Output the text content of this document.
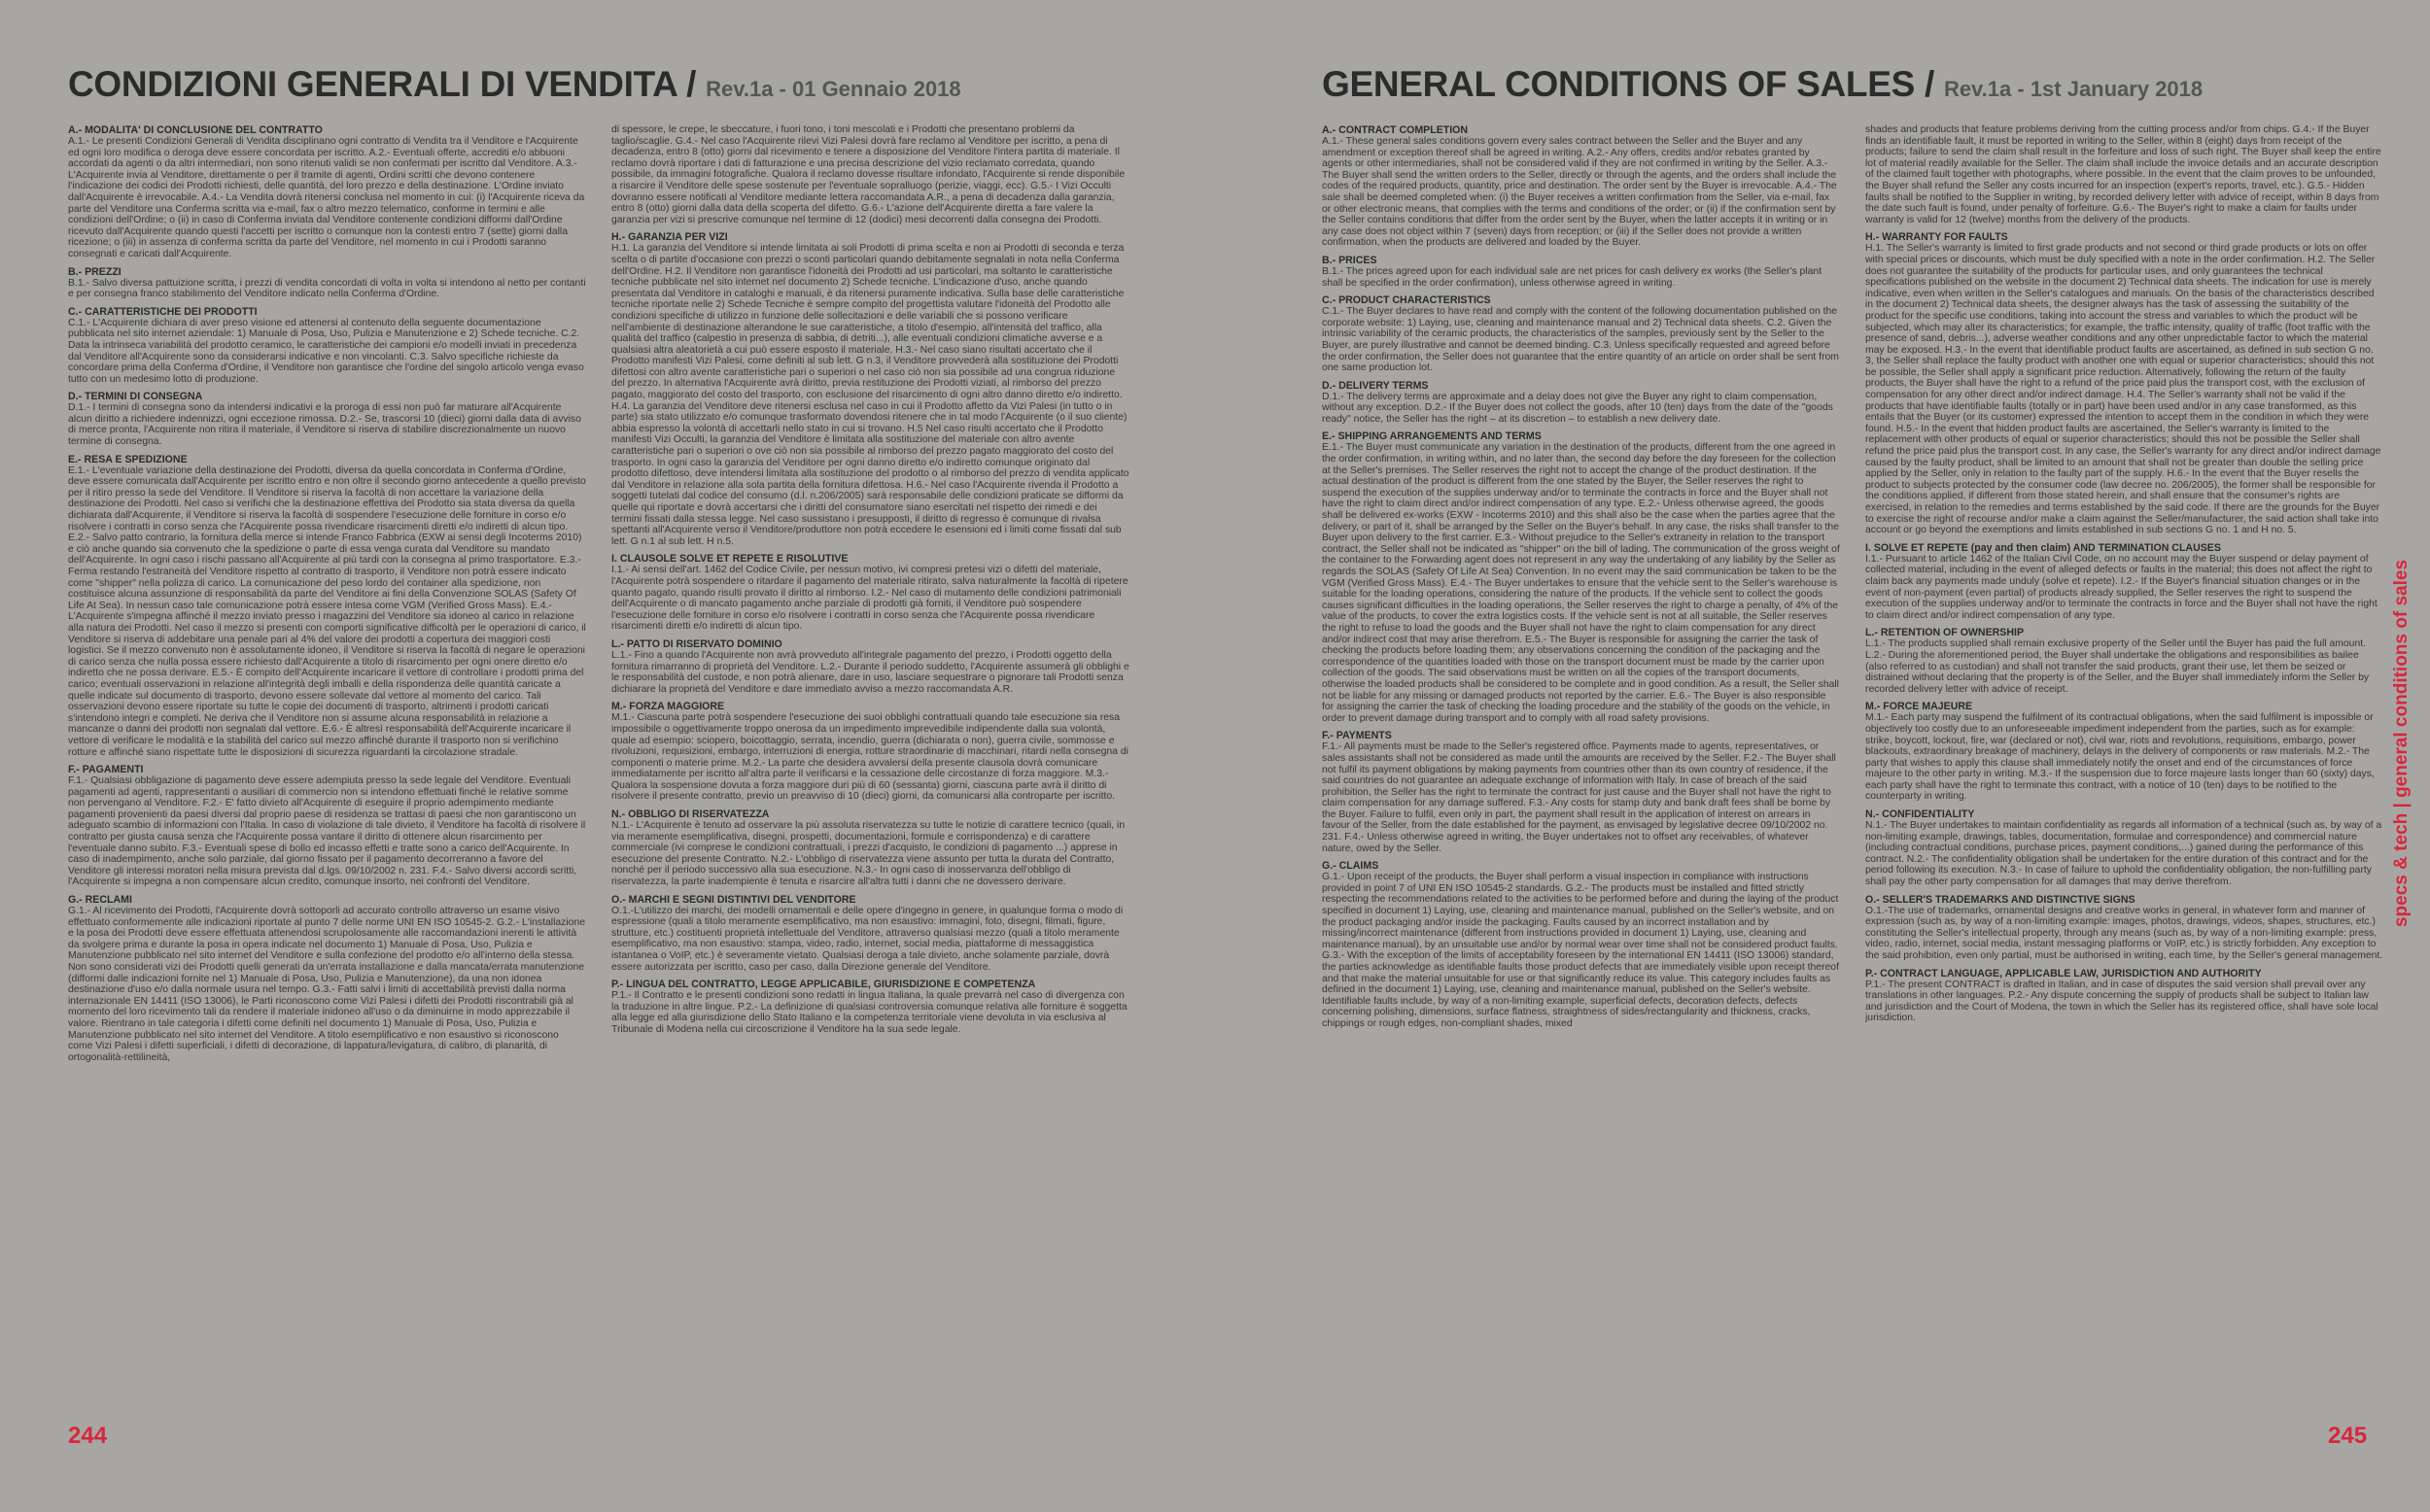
CONDIZIONI GENERALI DI VENDITA / Rev.1a - 01 Gennaio 2018
A.- MODALITA' DI CONCLUSIONE DEL CONTRATTO

A.1.- Le presenti Condizioni Generali di Vendita disciplinano ogni contratto di Vendita tra il Venditore e l'Acquirente ed ogni loro modifica o deroga deve essere concordata per iscritto. A.2.- Eventuali offerte, accrediti e/o abbuoni accordati da agenti o da altri intermediari, non sono ritenuti validi se non confermati per iscritto dal Venditore. A.3.- L'Acquirente invia al Venditore, direttamente o per il tramite di agenti, Ordini scritti che devono contenere l'indicazione dei codici dei Prodotti richiesti, delle quantità, del loro prezzo e della destinazione. L'Ordine inviato dall'Acquirente è irrevocabile. A.4.- La Vendita dovrà ritenersi conclusa nel momento in cui: (i) l'Acquirente riceva da parte del Venditore una Conferma scritta via e-mail, fax o altro mezzo telematico, conforme in termini e alle condizioni dell'Ordine; o (ii) in caso di Conferma inviata dal Venditore contenente condizioni difformi dall'Ordine ricevuto dall'Acquirente quando questi l'accetti per iscritto o comunque non la contesti entro 7 (sette) giorni dalla ricezione; o (iii) in assenza di conferma scritta da parte del Venditore, nel momento in cui i Prodotti saranno consegnati e caricati dall'Acquirente.

B.- PREZZI

B.1.- Salvo diversa pattuizione scritta, i prezzi di vendita concordati di volta in volta si intendono al netto per contanti e per consegna franco stabilimento del Venditore indicato nella Conferma d'Ordine.

C.- CARATTERISTICHE DEI PRODOTTI

C.1.- L'Acquirente dichiara di aver preso visione ed attenersi al contenuto della seguente documentazione pubblicata nel sito internet aziendale: 1) Manuale di Posa, Uso, Pulizia e Manutenzione e 2) Schede tecniche. C.2. Data la intrinseca variabilità del prodotto ceramico, le caratteristiche dei campioni e/o modelli inviati in precedenza dal Venditore all'Acquirente sono da considerarsi indicative e non vincolanti. C.3. Salvo specifiche richieste da concordare prima della Conferma d'Ordine, il Venditore non garantisce che l'ordine del singolo articolo venga evaso tutto con un medesimo lotto di produzione.

D.- TERMINI DI CONSEGNA

D.1.- I termini di consegna sono da intendersi indicativi e la proroga di essi non può far maturare all'Acquirente alcun diritto a richiedere indennizzi, ogni eccezione rimossa. D.2.- Se, trascorsi 10 (dieci) giorni dalla data di avviso di merce pronta, l'Acquirente non ritira il materiale, il Venditore si riserva di stabilire discrezionalmente un nuovo termine di consegna.

E.- RESA E SPEDIZIONE

E.1.- L'eventuale variazione della destinazione dei Prodotti, diversa da quella concordata in Conferma d'Ordine, deve essere comunicata dall'Acquirente per iscritto entro e non oltre il secondo giorno antecedente a quello previsto per il ritiro presso la sede del Venditore. Il Venditore si riserva la facoltà di non accettare la variazione della destinazione dei Prodotti. Nel caso si verifichi che la destinazione effettiva del Prodotto sia stata diversa da quella dichiarata dall'Acquirente, il Venditore si riserva la facoltà di sospendere l'esecuzione delle forniture in corso e/o risolvere i contratti in corso senza che l'Acquirente possa rivendicare risarcimenti diretti e/o indiretti di alcun tipo. E.2.- Salvo patto contrario, la fornitura della merce si intende Franco Fabbrica (EXW ai sensi degli Incoterms 2010) e ciò anche quando sia convenuto che la spedizione o parte di essa venga curata dal Venditore su mandato dell'Acquirente. In ogni caso i rischi passano all'Acquirente al più tardi con la consegna al primo trasportatore. E.3.- Ferma restando l'estraneità del Venditore rispetto al contratto di trasporto, il Venditore non potrà essere indicato come "shipper" nella polizza di carico. La comunicazione del peso lordo del container alla spedizione, non costituisce alcuna assunzione di responsabilità da parte del Venditore ai fini della Convenzione SOLAS (Safety Of Life At Sea). In nessun caso tale comunicazione potrà essere intesa come VGM (Verified Gross Mass). E.4.- L'Acquirente s'impegna affinché il mezzo inviato presso i magazzini del Venditore sia idoneo al carico in relazione alla natura dei Prodotti. Nel caso il mezzo si presenti con comporti significative difficoltà per le operazioni di carico, il Venditore si riserva di addebitare una penale pari al 4% del valore dei prodotti a copertura dei maggiori costi logistici. Se il mezzo convenuto non è assolutamente idoneo, il Venditore si riserva la facoltà di negare le operazioni di carico senza che nulla possa essere richiesto dall'Acquirente a titolo di risarcimento per ogni onere diretto e/o indiretto che ne possa derivare. E.5.- È compito dell'Acquirente incaricare il vettore di controllare i prodotti prima del carico; eventuali osservazioni in relazione all'integrità degli imballi e della rispondenza delle quantità caricate a quelle indicate sul documento di trasporto, devono essere sollevate dal vettore al momento del carico. Tali osservazioni devono essere riportate su tutte le copie dei documenti di trasporto, altrimenti i prodotti caricati s'intendono integri e completi. Ne deriva che il Venditore non si assume alcuna responsabilità in relazione a mancanze o danni dei prodotti non segnalati dal vettore. E.6.- È altresì responsabilità dell'Acquirente incaricare il vettore di verificare le modalità e la stabilità del carico sul mezzo affinché durante il trasporto non si verifichino rotture e affinché siano rispettate tutte le disposizioni di sicurezza riguardanti la circolazione stradale.

F.- PAGAMENTI

F.1.- Qualsiasi obbligazione di pagamento deve essere adempiuta presso la sede legale del Venditore. Eventuali pagamenti ad agenti, rappresentanti o ausiliari di commercio non si intendono effettuati finché le relative somme non pervengano al Venditore. F.2.- E' fatto divieto all'Acquirente di eseguire il proprio adempimento mediante pagamenti provenienti da paesi diversi dal proprio paese di residenza se trattasi di paesi che non garantiscono un adeguato scambio di informazioni con l'Italia. In caso di violazione di tale divieto, il Venditore ha facoltà di risolvere il contratto per giusta causa senza che l'Acquirente possa vantare il diritto di ottenere alcun risarcimento per l'eventuale danno subito. F.3.- Eventuali spese di bollo ed incasso effetti e tratte sono a carico dell'Acquirente. In caso di inadempimento, anche solo parziale, dal giorno fissato per il pagamento decorreranno a favore del Venditore gli interessi moratori nella misura prevista dal d.lgs. 09/10/2002 n. 231. F.4.- Salvo diversi accordi scritti, l'Acquirente si impegna a non compensare alcun credito, comunque insorto, nei confronti del Venditore.

G.- RECLAMI

G.1.- Al ricevimento dei Prodotti, l'Acquirente dovrà sottoporli ad accurato controllo attraverso un esame visivo effettuato conformemente alle indicazioni riportate al punto 7 delle norme UNI EN ISO 10545-2. G.2.- L'installazione e la posa dei Prodotti deve essere effettuata attenendosi scrupolosamente alle raccomandazioni inerenti le attività da svolgere prima e durante la posa in opera indicate nel documento 1) Manuale di Posa, Uso, Pulizia e Manutenzione pubblicato nel sito internet del Venditore e sulla confezione del prodotto e/o all'interno della stessa. Non sono considerati vizi dei Prodotti quelli generati da un'errata installazione e dalla mancata/errata manutenzione (difformi dalle indicazioni fornite nel 1) Manuale di Posa, Uso, Pulizia e Manutenzione), da una non idonea destinazione d'uso e/o dalla normale usura nel tempo. G.3.- Fatti salvi i limiti di accettabilità previsti dalla norma internazionale EN 14411 (ISO 13006), le Parti riconoscono come Vizi Palesi i difetti dei Prodotti riscontrabili già al momento del loro ricevimento tali da rendere il materiale inidoneo all'uso o da diminuirne in modo apprezzabile il valore. Rientrano in tale categoria i difetti come definiti nel documento 1) Manuale di Posa, Uso, Pulizia e Manutenzione pubblicato nel sito internet del Venditore. A titolo esemplificativo e non esaustivo si riconoscono come Vizi Palesi i difetti superficiali, i difetti di decorazione, di lappatura/levigatura, di calibro, di planarità, di ortogonalità-rettilineità,

di spessore, le crepe, le sbeccature, i fuori tono, i toni mescolati e i Prodotti che presentano problemi da taglio/scaglie. G.4.- Nel caso l'Acquirente rilevi Vizi Palesi dovrà fare reclamo al Venditore per iscritto, a pena di decadenza, entro 8 (otto) giorni dal ricevimento e tenere a disposizione del Venditore l'intera partita di materiale. Il reclamo dovrà riportare i dati di fatturazione e una precisa descrizione del vizio reclamato corredata, quando possibile, da immagini fotografiche. Qualora il reclamo dovesse risultare infondato, l'Acquirente si rende disponibile a risarcire il Venditore delle spese sostenute per l'eventuale sopralluogo (perizie, viaggi, ecc). G.5.- I Vizi Occulti dovranno essere notificati al Venditore mediante lettera raccomandata A.R., a pena di decadenza dalla garanzia, entro 8 (otto) giorni dalla data della scoperta del difetto. G.6.- L'azione dell'Acquirente diretta a fare valere la garanzia per vizi si prescrive comunque nel termine di 12 (dodici) mesi decorrenti dalla consegna dei Prodotti.

H.- GARANZIA PER VIZI

H.1. La garanzia del Venditore si intende limitata ai soli Prodotti di prima scelta e non ai Prodotti di seconda e terza scelta o di partite d'occasione con prezzi o sconti particolari quando debitamente segnalati in nota nella Conferma dell'Ordine. H.2. Il Venditore non garantisce l'idoneità dei Prodotti ad usi particolari, ma soltanto le caratteristiche tecniche pubblicate nel sito internet nel documento 2) Schede tecniche. L'indicazione d'uso, anche quando presentata dal Venditore in cataloghi e manuali, è da ritenersi puramente indicativa. Sulla base delle caratteristiche tecniche riportate nelle 2) Schede Tecniche è sempre compito del progettista valutare l'idoneità del Prodotto alle condizioni specifiche di utilizzo in funzione delle sollecitazioni e delle variabili che si possono verificare nell'ambiente di destinazione alterandone le sue caratteristiche, a titolo d'esempio, all'intensità del traffico, alla qualità del traffico (calpestio in presenza di sabbia, di detriti...), alle eventuali condizioni climatiche avverse e a qualsiasi altra aleatorietà a cui può essere esposto il materiale. H.3.- Nel caso siano risultati accertato che il Prodotto manifesti Vizi Palesi, come definiti al sub lett. G n.3, il Venditore provvederà alla sostituzione dei Prodotti difettosi con altro avente caratteristiche pari o superiori o nel caso ciò non sia possibile ad una congrua riduzione del prezzo. In alternativa l'Acquirente avrà diritto, previa restituzione dei Prodotti viziati, al rimborso del prezzo pagato, maggiorato del costo del trasporto, con esclusione del risarcimento di ogni altro danno diretto e/o indiretto. H.4. La garanzia del Venditore deve ritenersi esclusa nel caso in cui il Prodotto affetto da Vizi Palesi (in tutto o in parte) sia stato utilizzato e/o comunque trasformato dovendosi ritenere che in tal modo l'Acquirente (o il suo cliente) abbia espresso la volontà di accettarli nello stato in cui si trovano. H.5 Nel caso risulti accertato che il Prodotto manifesti Vizi Occulti, la garanzia del Venditore è limitata alla sostituzione del materiale con altro avente caratteristiche pari o superiori o ove ciò non sia possibile al rimborso del prezzo pagato maggiorato del costo del trasporto. In ogni caso la garanzia del Venditore per ogni danno diretto e/o indiretto comunque originato dal prodotto difettoso, deve intendersi limitata alla sostituzione del prodotto o al rimborso del prezzo di vendita applicato dal Venditore in relazione alla sola partita della fornitura difettosa. H.6.- Nel caso l'Acquirente rivenda il Prodotto a soggetti tutelati dal codice del consumo (d.l. n.206/2005) sarà responsabile delle condizioni praticate se difformi da quelle qui riportate e dovrà accertarsi che i diritti del consumatore siano esercitati nel rispetto dei rimedi e dei termini fissati dalla stessa legge. Nel caso sussistano i presupposti, il diritto di regresso è comunque di rivalsa spettanti all'Acquirente verso il Venditore/produttore non potrà eccedere le esensioni ed i limiti come fissati dal sub lett. G n.1 al sub lett. H n.5.

I. CLAUSOLE SOLVE ET REPETE E RISOLUTIVE

I.1.- Ai sensi dell'art. 1462 del Codice Civile, per nessun motivo, ivi compresi pretesi vizi o difetti del materiale, l'Acquirente potrà sospendere o ritardare il pagamento del materiale ritirato, salva naturalmente la facoltà di ripetere quanto pagato, quando risulti provato il diritto al rimborso. I.2.- Nel caso di mutamento delle condizioni patrimoniali dell'Acquirente o di mancato pagamento anche parziale di prodotti già forniti, il Venditore può sospendere l'esecuzione delle forniture in corso e/o risolvere i contratti in corso senza che l'Acquirente possa rivendicare risarcimenti diretti e/o indiretti di alcun tipo.

L.- PATTO DI RISERVATO DOMINIO

L.1.- Fino a quando l'Acquirente non avrà provveduto all'integrale pagamento del prezzo, i Prodotti oggetto della fornitura rimarranno di proprietà del Venditore. L.2.- Durante il periodo suddetto, l'Acquirente assumerà gli obblighi e le responsabilità del custode, e non potrà alienare, dare in uso, lasciare sequestrare o pignorare tali Prodotti senza dichiarare la proprietà del Venditore e dare immediato avviso a mezzo raccomandata A.R.

M.- FORZA MAGGIORE

M.1.- Ciascuna parte potrà sospendere l'esecuzione dei suoi obblighi contrattuali quando tale esecuzione sia resa impossibile o oggettivamente troppo onerosa da un impedimento imprevedibile indipendente dalla sua volontà, quale ad esempio: sciopero, boicottaggio, serrata, incendio, guerra (dichiarata o non), guerra civile, sommosse e rivoluzioni, requisizioni, embargo, interruzioni di energia, rotture straordinarie di macchinari, ritardi nella consegna di componenti o materie prime. M.2.- La parte che desidera avvalersi della presente clausola dovrà comunicare immediatamente per iscritto all'altra parte il verificarsi e la cessazione delle circostanze di forza maggiore. M.3.- Qualora la sospensione dovuta a forza maggiore duri più di 60 (sessanta) giorni, ciascuna parte avrà il diritto di risolvere il presente contratto, previo un preavviso di 10 (dieci) giorni, da comunicarsi alla controparte per iscritto.

N.- OBBLIGO DI RISERVATEZZA

N.1.- L'Acquirente è tenuto ad osservare la più assoluta riservatezza su tutte le notizie di carattere tecnico (quali, in via meramente esemplificativa, disegni, prospetti, documentazioni, formule e corrispondenza) e di carattere commerciale (ivi comprese le condizioni contrattuali, i prezzi d'acquisto, le condizioni di pagamento ...) apprese in esecuzione del presente Contratto. N.2.- L'obbligo di riservatezza viene assunto per tutta la durata del Contratto, nonché per il periodo successivo alla sua esecuzione. N.3.- In ogni caso di inosservanza dell'obbligo di riservatezza, la parte inadempiente è tenuta e risarcire all'altra tutti i danni che ne dovessero derivare.

O.- MARCHI E SEGNI DISTINTIVI DEL VENDITORE

O.1.-L'utilizzo dei marchi, dei modelli ornamentali e delle opere d'ingegno in genere, in qualunque forma o modo di espressione (quali a titolo meramente esemplificativo, ma non esaustivo: immagini, foto, disegni, filmati, figure, strutture, etc.) costituenti proprietà intellettuale del Venditore, attraverso qualsiasi mezzo (quali a titolo meramente esemplificativo, ma non esaustivo: stampa, video, radio, internet, social media, piattaforme di messaggistica istantanea o VoIP, etc.) è severamente vietato. Qualsiasi deroga a tale divieto, anche solamente parziale, dovrà essere autorizzata per iscritto, caso per caso, dalla Direzione generale del Venditore.

P.- LINGUA DEL CONTRATTO, LEGGE APPLICABILE, GIURISDIZIONE E COMPETENZA

P.1.- Il Contratto e le presenti condizioni sono redatti in lingua Italiana, la quale prevarrà nel caso di divergenza con la traduzione in altre lingue. P.2.- La definizione di qualsiasi controversia comunque relativa alle forniture è soggetta alla legge ed alla giurisdizione dello Stato Italiano e la competenza territoriale viene devoluta in via esclusiva al Tribunale di Modena nella cui circoscrizione il Venditore ha la sua sede legale.

244
GENERAL CONDITIONS OF SALES / Rev.1a - 1st January 2018
A.- CONTRACT COMPLETION

A.1.- These general sales conditions govern every sales contract between the Seller and the Buyer and any amendment or exception thereof shall be agreed in writing. A.2.- Any offers, credits and/or rebates granted by agents or other intermediaries, shall not be considered valid if they are not confirmed in writing by the Seller. A.3.- The Buyer shall send the written orders to the Seller, directly or through the agents, and the orders shall include the codes of the required products, quantity, price and destination. The order sent by the Buyer is irrevocable. A.4.- The sale shall be deemed completed when: (i) the Buyer receives a written confirmation from the Seller, via e-mail, fax or other electronic means, that complies with the terms and conditions of the order; or (ii) if the confirmation sent by the Seller contains conditions that differ from the order sent by the Buyer, when the latter accepts it in writing or in any case does not object within 7 (seven) days from reception; or (iii) if the Seller does not provide a written confirmation, when the products are delivered and loaded by the Buyer.

B.- PRICES

B.1.- The prices agreed upon for each individual sale are net prices for cash delivery ex works (the Seller's plant shall be specified in the order confirmation), unless otherwise agreed in writing.

C.- PRODUCT CHARACTERISTICS

C.1.- The Buyer declares to have read and comply with the content of the following documentation published on the corporate website: 1) Laying, use, cleaning and maintenance manual and 2) Technical data sheets. C.2. Given the intrinsic variability of the ceramic products, the characteristics of the samples, previously sent by the Seller to the Buyer, are purely illustrative and cannot be deemed binding. C.3. Unless specifically requested and agreed before the order confirmation, the Seller does not guarantee that the entire quantity of an article on order shall be sent from one same production lot.

D.- DELIVERY TERMS

D.1.- The delivery terms are approximate and a delay does not give the Buyer any right to claim compensation, without any exception. D.2.- If the Buyer does not collect the goods, after 10 (ten) days from the date of the "goods ready" notice, the Seller has the right – at its discretion – to establish a new delivery date.

E.- SHIPPING ARRANGEMENTS AND TERMS

E.1.- The Buyer must communicate any variation in the destination of the products, different from the one agreed in the order confirmation, in writing within, and no later than, the second day before the day foreseen for the collection at the Seller's premises. The Seller reserves the right not to accept the change of the product destination. If the actual destination of the product is different from the one stated by the Buyer, the Seller reserves the right to suspend the execution of the supplies underway and/or to terminate the contracts in force and the Buyer shall not have the right to claim direct and/or indirect compensation of any type. E.2.- Unless otherwise agreed, the goods shall be delivered ex-works (EXW - Incoterms 2010) and this shall also be the case when the parties agree that the delivery, or part of it, shall be arranged by the Seller on the Buyer's behalf. In any case, the risks shall transfer to the Buyer upon delivery to the first carrier. E.3.- Without prejudice to the Seller's extraneity in relation to the transport contract, the Seller shall not be indicated as "shipper" on the bill of lading. The communication of the gross weight of the container to the Forwarding agent does not represent in any way the undertaking of any liability by the Seller as regards the SOLAS (Safety Of Life At Sea) Convention. In no event may the said communication be taken to be the VGM (Verified Gross Mass). E.4.- The Buyer undertakes to ensure that the vehicle sent to the Seller's warehouse is suitable for the loading operations, considering the nature of the products. If the vehicle sent to collect the goods causes significant difficulties in the loading operations, the Seller reserves the right to charge a penalty, of 4% of the value of the products, to cover the extra logistics costs. If the vehicle sent is not at all suitable, the Seller reserves the right to refuse to load the goods and the Buyer shall not have the right to claim compensation for any direct and/or indirect cost that may arise therefrom. E.5.- The Buyer is responsible for assigning the carrier the task of checking the products before loading them; any observations concerning the condition of the packaging and the correspondence of the quantities loaded with those on the transport document must be made by the carrier upon collection of the goods. The said observations must be written on all the copies of the transport documents, otherwise the loaded products shall be considered to be complete and in good condition. As a result, the Seller shall not be liable for any missing or damaged products not reported by the carrier. E.6.- The Buyer is also responsible for assigning the carrier the task of checking the loading procedure and the stability of the goods on the vehicle, in order to prevent damage during transport and to comply with all road safety provisions.

F.- PAYMENTS

F.1.- All payments must be made to the Seller's registered office. Payments made to agents, representatives, or sales assistants shall not be considered as made until the amounts are received by the Seller. F.2.- The Buyer shall not fulfil its payment obligations by making payments from countries other than its own country of residence, if the said countries do not guarantee an adequate exchange of information with Italy. In case of breach of the said prohibition, the Seller has the right to terminate the contract for just cause and the Buyer shall not have the right to claim compensation for any damage suffered. F.3.- Any costs for stamp duty and bank draft fees shall be borne by the Buyer. Failure to fulfil, even only in part, the payment shall result in the application of interest on arrears in favour of the Seller, from the date established for the payment, as envisaged by legislative decree 09/10/2002 no. 231. F.4.- Unless otherwise agreed in writing, the Buyer undertakes not to offset any receivables, of whatever nature, owed by the Seller.

G.- CLAIMS

G.1.- Upon receipt of the products, the Buyer shall perform a visual inspection in compliance with instructions provided in point 7 of UNI EN ISO 10545-2 standards. G.2.- The products must be installed and fitted strictly respecting the recommendations related to the activities to be performed before and during the laying of the product specified in document 1) Laying, use, cleaning and maintenance manual, published on the Seller's website, and on the product packaging and/or inside the packaging. Faults caused by an incorrect installation and by missing/incorrect maintenance (different from instructions provided in document 1) Laying, use, cleaning and maintenance manual), by an unsuitable use and/or by normal wear over time shall not be considered product faults. G.3.- With the exception of the limits of acceptability foreseen by the international EN 14411 (ISO 13006) standard, the parties acknowledge as identifiable faults those product defects that are immediately visible upon receipt thereof and that make the material unsuitable for use or that significantly reduce its value. This category includes faults as defined in the document 1) Laying, use, cleaning and maintenance manual, published on the Seller's website. Identifiable faults include, by way of a non-limiting example, superficial defects, decoration defects, defects concerning polishing, dimensions, surface flatness, straightness of sides/rectangularity and thickness, cracks, chippings or rough edges, non-compliant shades, mixed

shades and products that feature problems deriving from the cutting process and/or from chips. G.4.- If the Buyer finds an identifiable fault, it must be reported in writing to the Seller, within 8 (eight) days from receipt of the products; failure to send the claim shall result in the forfeiture and loss of such right. The Buyer shall keep the entire lot of material readily available for the Seller. The claim shall include the invoice details and an accurate description of the claimed fault together with photographs, where possible. In the event that the claim proves to be unfounded, the Buyer shall refund the Seller any costs incurred for an inspection (expert's reports, travel, etc.). G.5.- Hidden faults shall be notified to the Supplier in writing, by recorded delivery letter with advice of receipt, within 8 days from the date such fault is found, under penalty of forfeiture. G.6.- The Buyer's right to make a claim for faults under warranty is valid for 12 (twelve) months from the delivery of the products.

H.- WARRANTY FOR FAULTS

H.1. The Seller's warranty is limited to first grade products and not second or third grade products or lots on offer with special prices or discounts, which must be duly specified with a note in the order confirmation. H.2. The Seller does not guarantee the suitability of the products for particular uses, and only guarantees the technical specifications published on the website in the document 2) Technical data sheets. The indication for use is merely indicative, even when written in the Seller's catalogues and manuals. On the basis of the characteristics described in the document 2) Technical data sheets, the designer always has the task of assessing the suitability of the product for the specific use conditions, taking into account the stress and variables to which the product will be subjected, which may alter its characteristics; for example, the traffic intensity, quality of traffic (foot traffic with the presence of sand, debris...), adverse weather conditions and any other unpredictable factor to which the material may be exposed. H.3.- In the event that identifiable product faults are ascertained, as defined in sub section G no. 3, the Seller shall replace the faulty product with another one with equal or superior characteristics; should this not be possible, the Seller shall apply a significant price reduction. Alternatively, following the return of the faulty products, the Buyer shall have the right to a refund of the price paid plus the transport cost, with the exclusion of compensation for any other direct and/or indirect damage. H.4. The Seller's warranty shall not be valid if the products that have identifiable faults (totally or in part) have been used and/or in any case transformed, as this entails that the Buyer (or its customer) expressed the intention to accept them in the condition in which they were found. H.5.- In the event that hidden product faults are ascertained, the Seller's warranty is limited to the replacement with other products of equal or superior characteristics; should this not be possible the Seller shall refund the price paid plus the transport cost. In any case, the Seller's warranty for any direct and/or indirect damage caused by the faulty product, shall be limited to an amount that shall not be greater than double the selling price applied by the Seller, only in relation to the faulty part of the supply. H.6.- In the event that the Buyer resells the product to subjects protected by the consumer code (law decree no. 206/2005), the former shall be responsible for the conditions applied, if different from those stated herein, and shall ensure that the consumer's rights are exercised, in relation to the remedies and terms established by the said code. If there are the grounds for the Buyer to exercise the right of recourse and/or make a claim against the Seller/manufacturer, the said action shall take into account or go beyond the exemptions and limits established in sub sections G no. 1 and H no. 5.

I. SOLVE ET REPETE (pay and then claim) AND TERMINATION CLAUSES

I.1.- Pursuant to article 1462 of the Italian Civil Code, on no account may the Buyer suspend or delay payment of collected material, including in the event of alleged defects or faults in the material; this does not affect the right to claim back any payments made unduly (solve et repete). I.2.- If the Buyer's financial situation changes or in the event of non-payment (even partial) of products already supplied, the Seller reserves the right to suspend the execution of the supplies underway and/or to terminate the contracts in force and the Buyer shall not have the right to claim direct and/or indirect compensation of any type.

L.- RETENTION OF OWNERSHIP

L.1.- The products supplied shall remain exclusive property of the Seller until the Buyer has paid the full amount. L.2.- During the aforementioned period, the Buyer shall undertake the obligations and responsibilities as bailee (also referred to as custodian) and shall not transfer the said products, grant their use, let them be seized or distrained without declaring that the property is of the Seller, and the Buyer shall immediately inform the Seller by recorded delivery letter with advice of receipt.

M.- FORCE MAJEURE

M.1.- Each party may suspend the fulfilment of its contractual obligations, when the said fulfilment is impossible or objectively too costly due to an unforeseeable impediment independent from the parties, such as for example: strike, boycott, lockout, fire, war (declared or not), civil war, riots and revolutions, requisitions, embargo, power blackouts, extraordinary breakage of machinery, delays in the delivery of components or raw materials. M.2.- The party that wishes to apply this clause shall immediately notify the onset and end of the circumstances of force majeure to the other party in writing. M.3.- If the suspension due to force majeure lasts longer than 60 (sixty) days, each party shall have the right to terminate this contract, with a notice of 10 (ten) days to be notified to the counterparty in writing.

N.- CONFIDENTIALITY

N.1.- The Buyer undertakes to maintain confidentiality as regards all information of a technical (such as, by way of a non-limiting example, drawings, tables, documentation, formulae and correspondence) and commercial nature (including contractual conditions, purchase prices, payment conditions,...) gained during the performance of this contract. N.2.- The confidentiality obligation shall be undertaken for the entire duration of this contract and for the period following its execution. N.3.- In case of failure to uphold the confidentiality obligation, the non-fulfilling party shall pay the other party compensation for all damages that may derive therefrom.

O.- SELLER'S TRADEMARKS AND DISTINCTIVE SIGNS

O.1.-The use of trademarks, ornamental designs and creative works in general, in whatever form and manner of expression (such as, by way of a non-limiting example: images, photos, drawings, videos, shapes, structures, etc.) constituting the Seller's intellectual property, through any means (such as, by way of a non-limiting example: press, video, radio, internet, social media, instant messaging platforms or VoIP, etc.) is strictly forbidden. Any exception to the said prohibition, even only partial, must be authorised in writing, each time, by the Seller's general management.

P.- CONTRACT LANGUAGE, APPLICABLE LAW, JURISDICTION AND AUTHORITY

P.1.- The present CONTRACT is drafted in Italian, and in case of disputes the said version shall prevail over any translations in other languages. P.2.- Any dispute concerning the supply of products shall be subject to Italian law and jurisdiction and the Court of Modena, the town in which the Seller has its registered office, shall have sole local jurisdiction.

245
specs & tech | general conditions of sales
